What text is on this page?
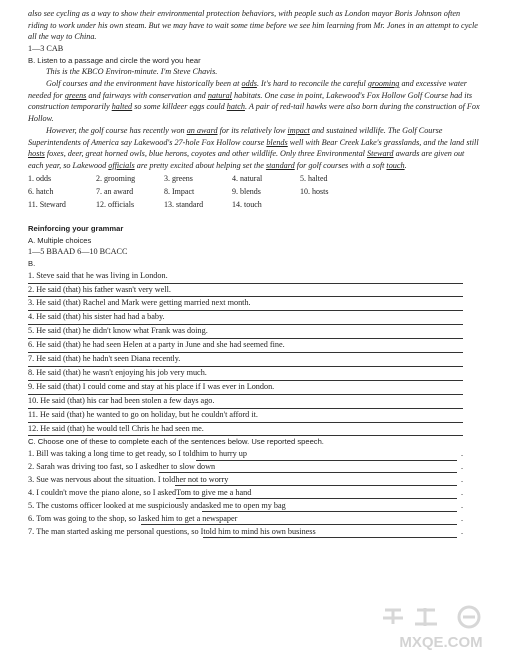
also see cycling as a way to show their environmental protection behaviors, with people such as London mayor Boris Johnson often riding to work under his own steam. But we may have to wait some time before we see him learning from Mr. Jones in an attempt to cycle all the way to China.

1—3 CAB

B. Listen to a passage and circle the word you hear

This is the KBCO Environ-minute. I'm Steve Chavis.

Golf courses and the environment have historically been at odds. It's hard to reconcile the careful grooming and excessive water needed for greens and fairways with conservation and natural habitats. One case in point, Lakewood's Fox Hollow Golf Course had its construction temporarily halted so some killdeer eggs could hatch. A pair of red-tail hawks were also born during the construction of Fox Hollow.

However, the golf course has recently won an award for its relatively low impact and sustained wildlife. The Golf Course Superintendents of America say Lakewood's 27-hole Fox Hollow course blends well with Bear Creek Lake's grasslands, and the land still hosts foxes, deer, great horned owls, blue herons, coyotes and other wildlife. Only three Environmental Steward awards are given out each year, so Lakewood officials are pretty excited about helping set the standard for golf courses with a soft touch.

1. odds	2. grooming	3. greens	4. natural	5. halted
6. hatch	7. an award	8. Impact	9. blends	10. hosts
11. Steward	12. officials	13. standard	14. touch	

Reinforcing your grammar

A. Multiple choices

1—5 BBAAD 6—10 BCACC

B.

1. Steve said that he was living in London.
2. He said (that) his father wasn't very well.
3. He said (that) Rachel and Mark were getting married next month.
4. He said (that) his sister had had a baby.
5. He said (that) he didn't know what Frank was doing.
6. He said (that) he had seen Helen at a party in June and she had seemed fine.
7. He said (that) he hadn't seen Diana recently.
8. He said (that) he wasn't enjoying his job very much.
9. He said (that) I could come and stay at his place if I was ever in London.
10. He said (that) his car had been stolen a few days ago.
11. He said (that) he wanted to go on holiday, but he couldn't afford it.
12. He said (that) he would tell Chris he had seen me.

C. Choose one of these to complete each of the sentences below. Use reported speech.

1.
Bill was taking a long time to get ready, so I told him to hurry up	.
2.
Sarah was driving too fast, so I asked her to slow down	.
3.
Sue was nervous about the situation. I told her not to worry	.
4.
I couldn't move the piano alone, so I asked Tom to give me a hand	.
5.
The customs officer looked at me suspiciously and asked me to open my bag	.
6.
Tom was going to the shop, so I asked him to get a newspaper	.
7.
The man started asking me personal questions, so I told him to mind his own business	.
MXQE.COM
